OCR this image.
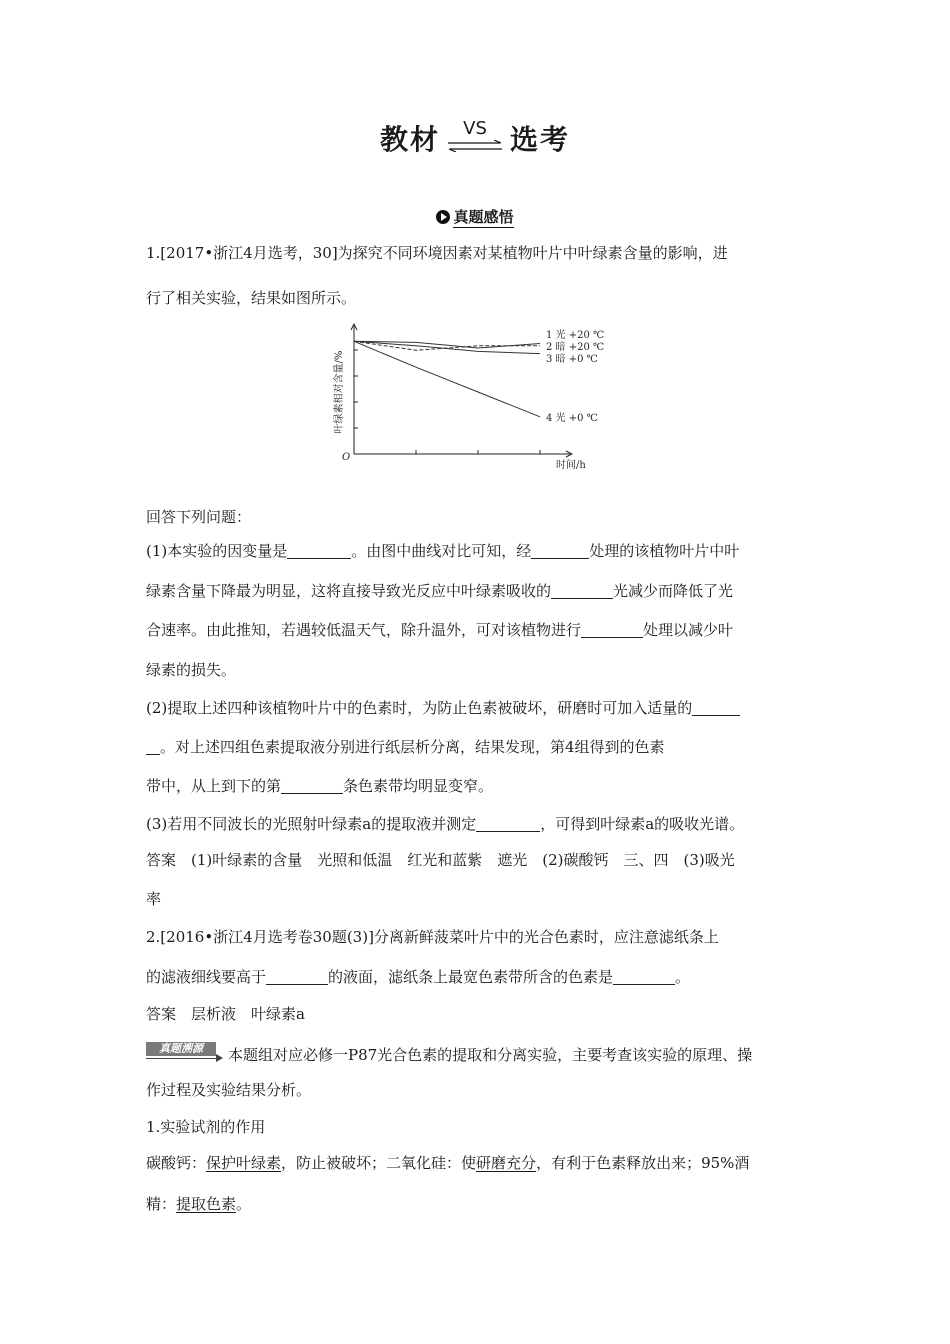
教材 VS 选考
真题感悟
1.[2017•浙江4月选考，30]为探究不同环境因素对某植物叶片中叶绿素含量的影响，进
行了相关实验，结果如图所示。
1 光 +20 ℃
2 暗 +20 ℃
3 暗 +0 ℃
4 光 +0 ℃
叶绿素相对含量/%
时间/h
O
回答下列问题：
(1)本实验的因变量是	。由图中曲线对比可知，经	处理的该植物叶片中叶
绿素含量下降最为明显，这将直接导致光反应中叶绿素吸收的	光减少而降低了光
合速率。由此推知，若遇较低温天气，除升温外，可对该植物进行	处理以减少叶
绿素的损失。
(2)提取上述四种该植物叶片中的色素时，为防止色素被破坏，研磨时可加入适量的
。对上述四组色素提取液分别进行纸层析分离，结果发现，第4组得到的色素
带中，从上到下的第	条色素带均明显变窄。
(3)若用不同波长的光照射叶绿素a的提取液并测定	，可得到叶绿素a的吸收光谱。
答案　(1)叶绿素的含量　光照和低温　红光和蓝紫　遮光　(2)碳酸钙　三、四　(3)吸光
率
2.[2016•浙江4月选考卷30题(3)]分离新鲜菠菜叶片中的光合色素时，应注意滤纸条上
的滤液细线要高于	的液面，滤纸条上最宽色素带所含的色素是	。
答案　层析液　叶绿素a
真题溯源	本题组对应必修一P87光合色素的提取和分离实验，主要考查该实验的原理、操
作过程及实验结果分析。
1.实验试剂的作用
碳酸钙：保护叶绿素，防止被破坏；二氧化硅：使研磨充分，有利于色素释放出来；95%酒
精：提取色素。
